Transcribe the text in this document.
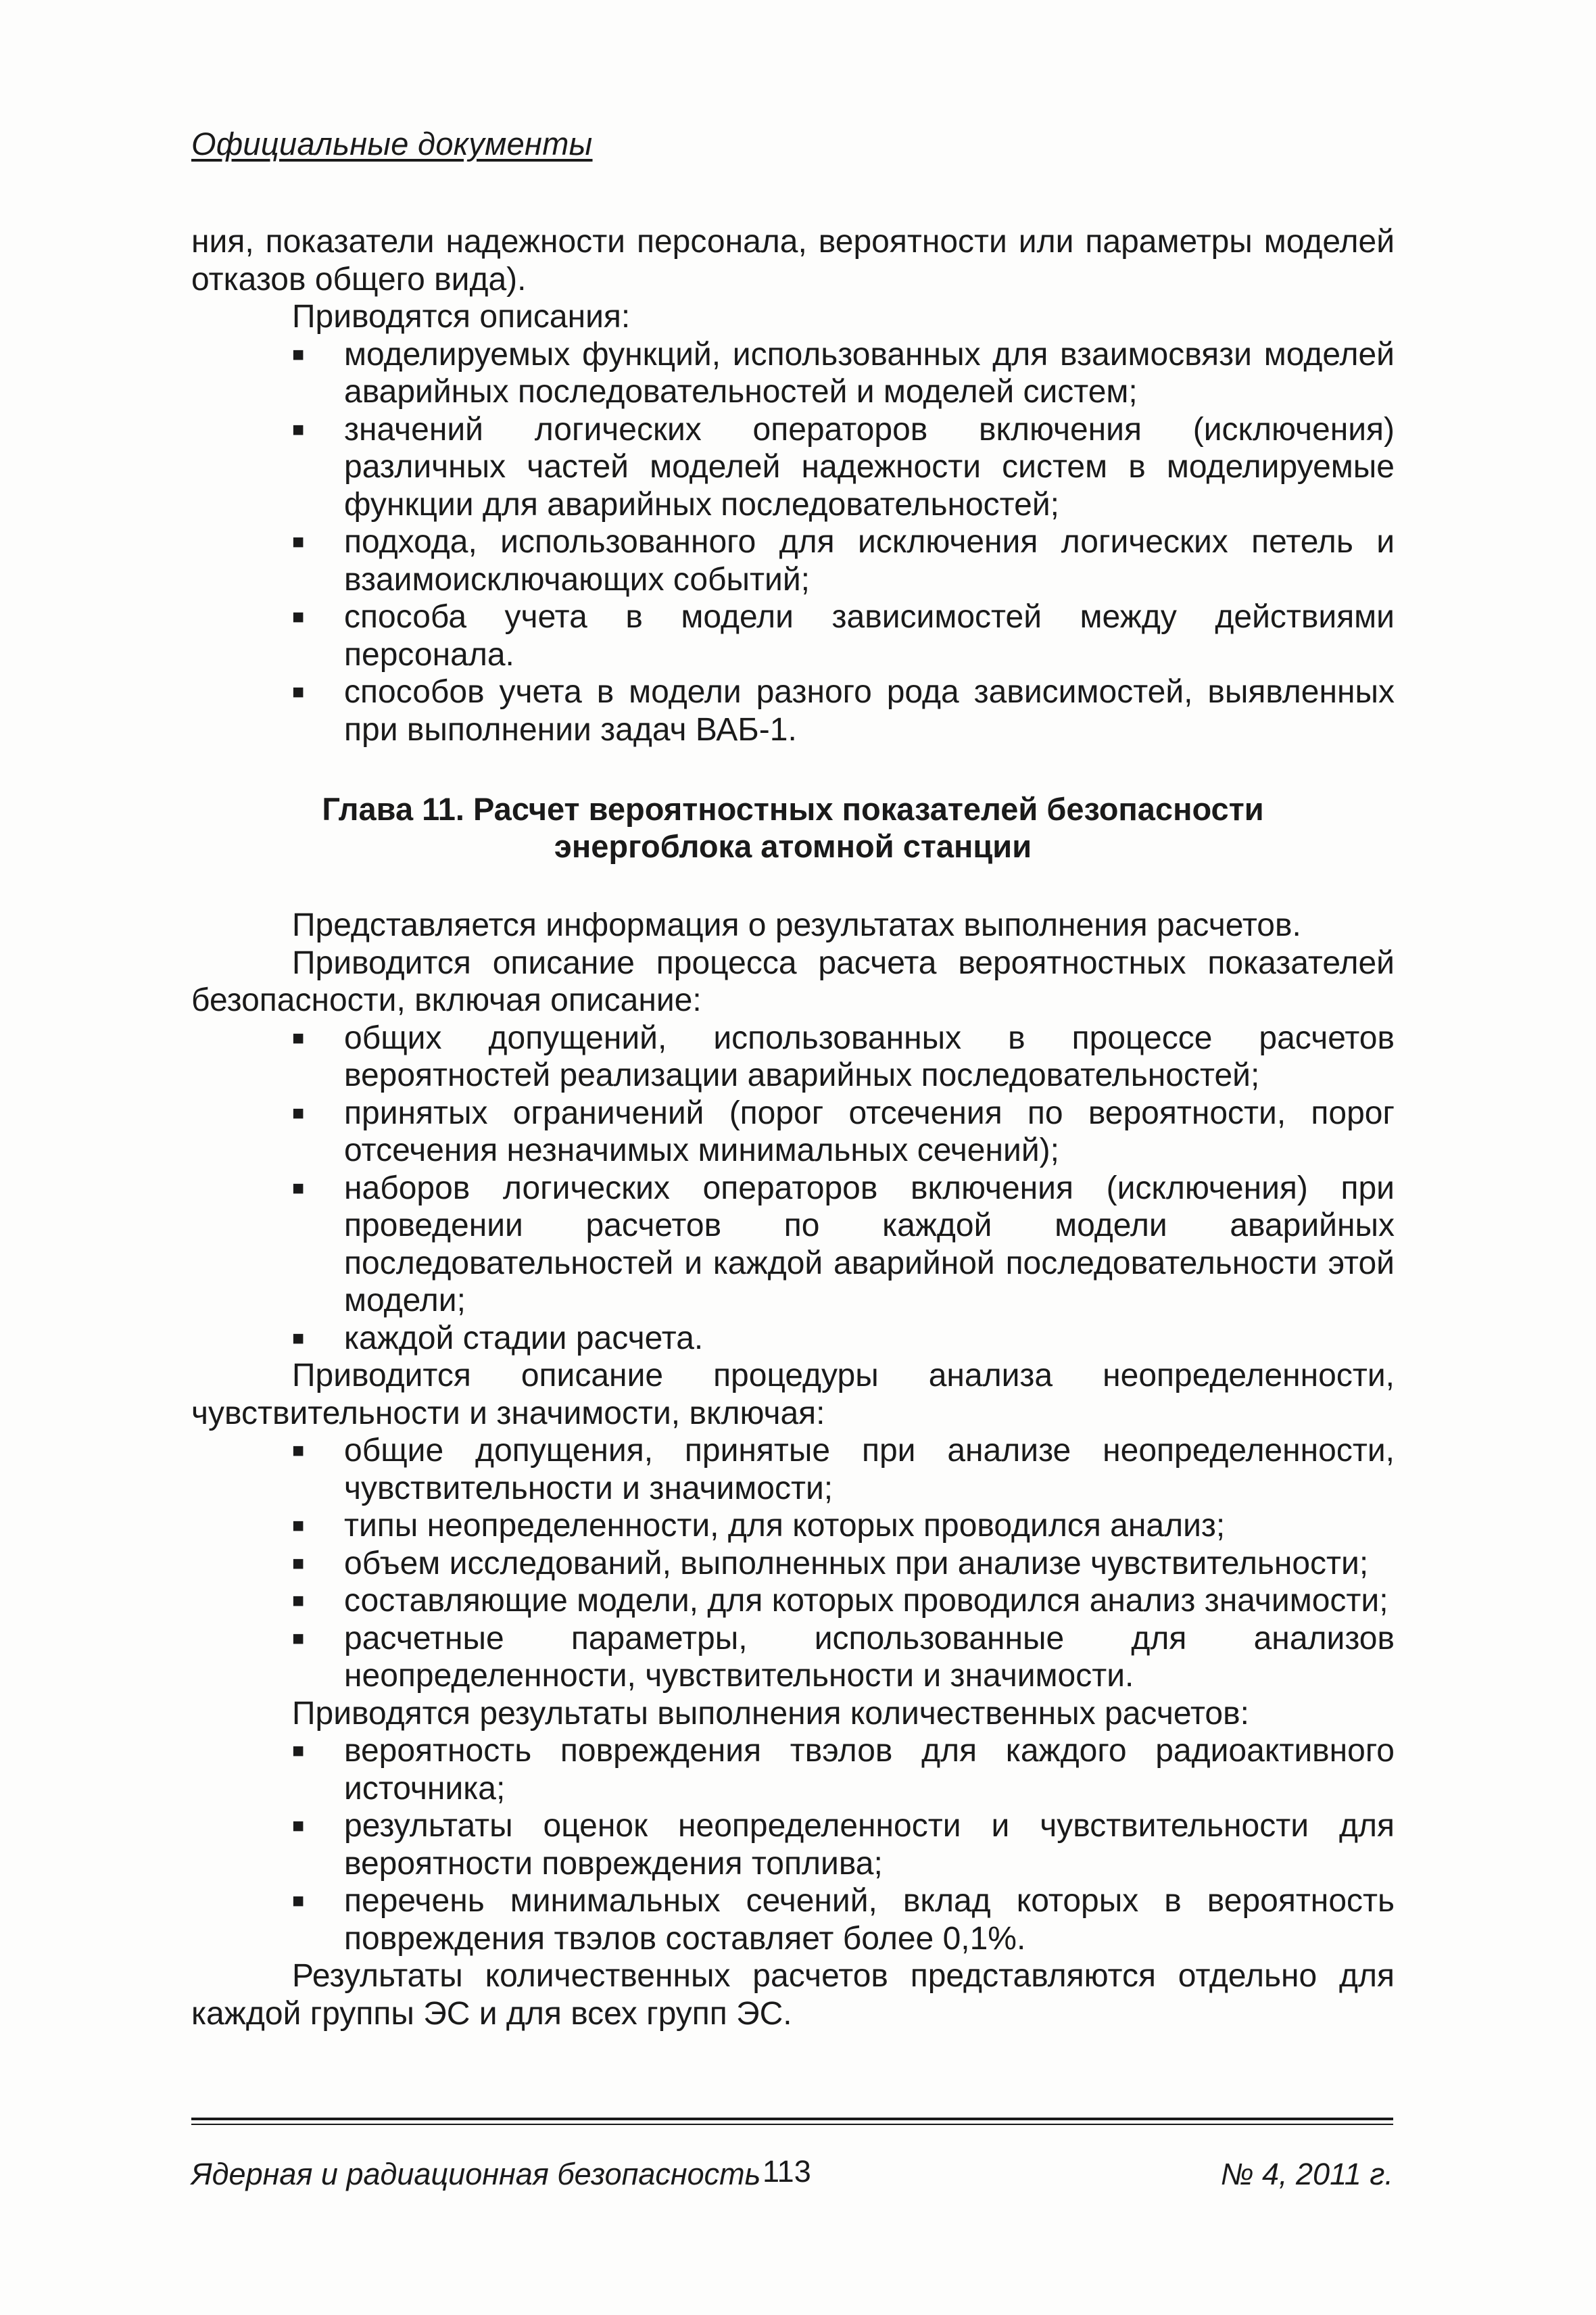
Официальные документы

ния, показатели надежности персонала, вероятности или параметры моделей отказов общего вида).

Приводятся описания:

■	моделируемых функций, использованных для взаимосвязи моделей аварийных последовательностей и моделей систем;
■	значений логических операторов включения (исключения) различных частей моделей надежности систем в моделируемые функции для аварийных последовательностей;
■	подхода, использованного для исключения логических петель и взаимоисключающих событий;
■	способа учета в модели зависимостей между действиями персонала.
■	способов учета в модели разного рода зависимостей, выявленных при выполнении задач ВАБ-1.
Глава 11. Расчет вероятностных показателей безопасности
энергоблока атомной станции

Представляется информация о результатах выполнения расчетов.

Приводится описание процесса расчета вероятностных показателей безопасности, включая описание:

■	общих допущений, использованных в процессе расчетов вероятностей реализации аварийных последовательностей;
■	принятых ограничений (порог отсечения по вероятности, порог отсечения незначимых минимальных сечений);
■	наборов логических операторов включения (исключения) при проведении расчетов по каждой модели аварийных последовательностей и каждой аварийной последовательности этой модели;
■	каждой стадии расчета.

Приводится описание процедуры анализа неопределенности, чувствительности и значимости, включая:

■	общие допущения, принятые при анализе неопределенности, чувствительности и значимости;
■	типы неопределенности, для которых проводился анализ;
■	объем исследований, выполненных при анализе чувствительности;
■	составляющие модели, для которых проводился анализ значимости;
■	расчетные параметры, использованные для анализов неопределенности, чувствительности и значимости.

Приводятся результаты выполнения количественных расчетов:

■	вероятность повреждения твэлов для каждого радиоактивного источника;
■	результаты оценок неопределенности и чувствительности для вероятности повреждения топлива;
■	перечень минимальных сечений, вклад которых в вероятность повреждения твэлов составляет более 0,1%.

Результаты количественных расчетов представляются отдельно для каждой группы ЭС и для всех групп ЭС.

Ядерная и радиационная безопасность 113	№ 4, 2011 г.
